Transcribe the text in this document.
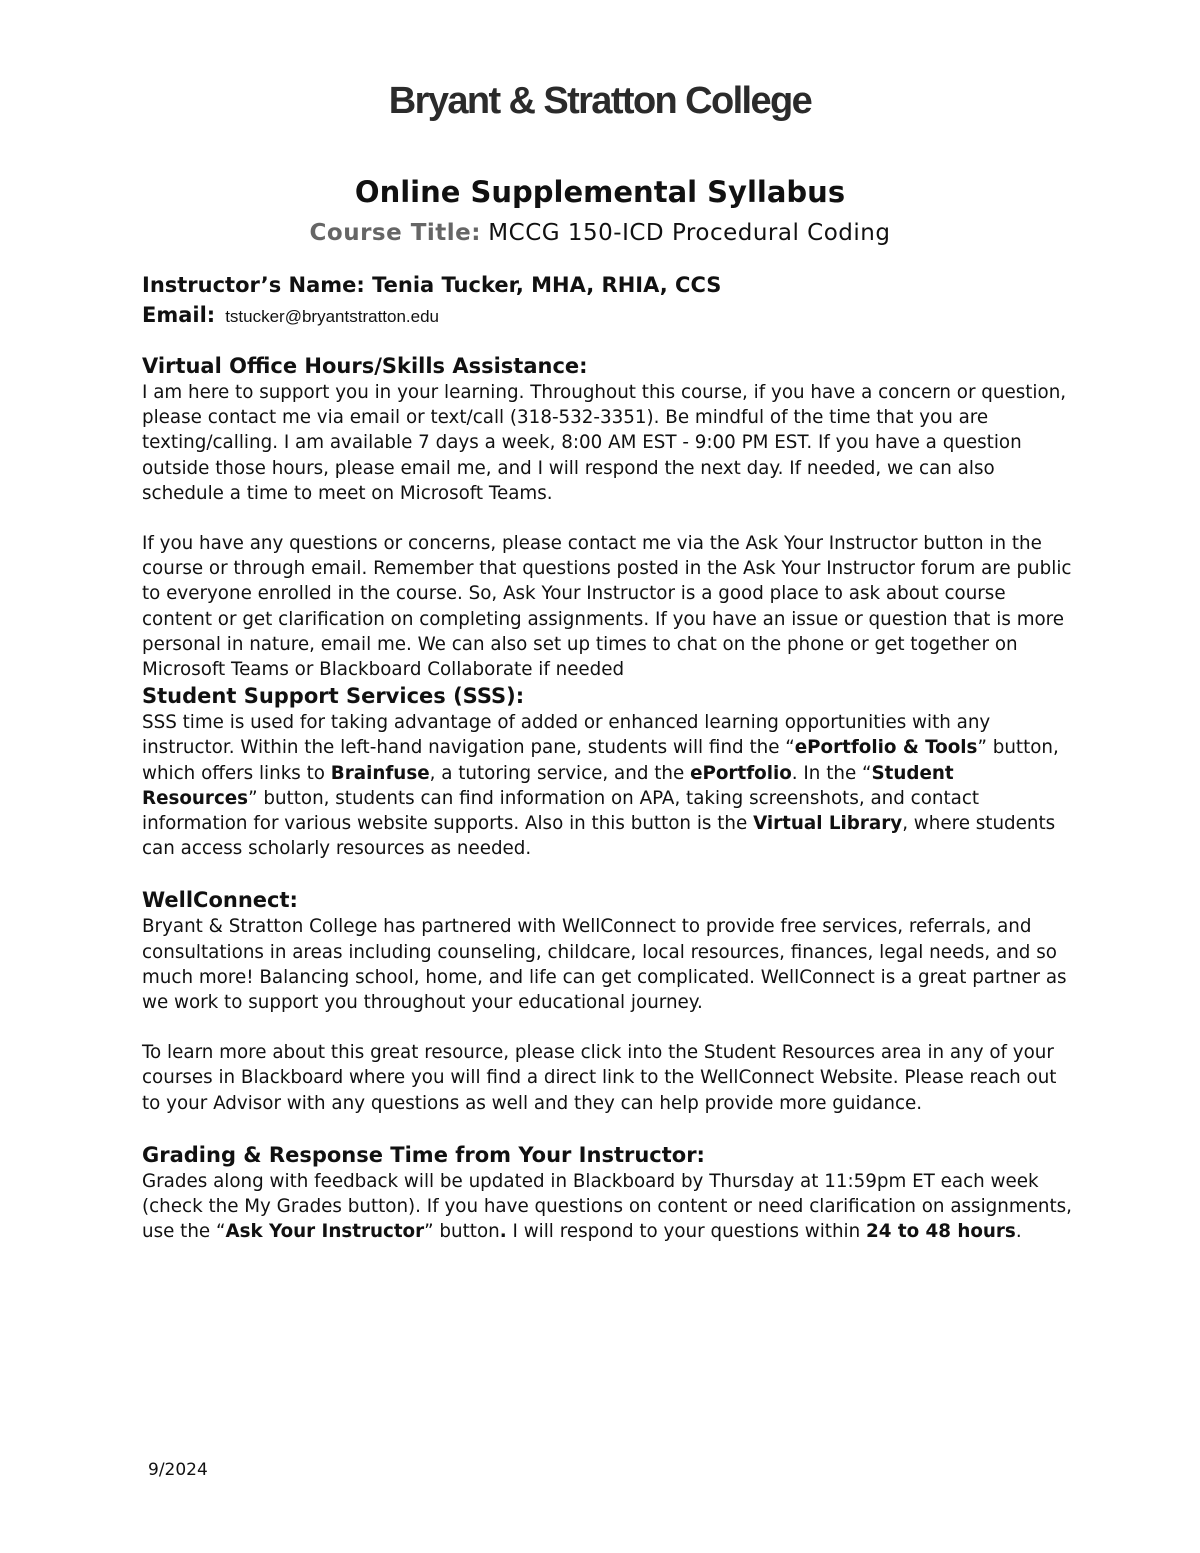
Bryant & Stratton College
Online Supplemental Syllabus
Course Title: MCCG 150-ICD Procedural Coding

Instructor’s Name: Tenia Tucker, MHA, RHIA, CCS

Email: tstucker@bryantstratton.edu

Virtual Office Hours/Skills Assistance:

I am here to support you in your learning. Throughout this course, if you have a concern or question, please contact me via email or text/call (318-532-3351). Be mindful of the time that you are texting/calling. I am available 7 days a week, 8:00 AM EST - 9:00 PM EST. If you have a question outside those hours, please email me, and I will respond the next day. If needed, we can also schedule a time to meet on Microsoft Teams.

If you have any questions or concerns, please contact me via the Ask Your Instructor button in the course or through email. Remember that questions posted in the Ask Your Instructor forum are public to everyone enrolled in the course. So, Ask Your Instructor is a good place to ask about course content or get clarification on completing assignments. If you have an issue or question that is more personal in nature, email me. We can also set up times to chat on the phone or get together on Microsoft Teams or Blackboard Collaborate if needed

Student Support Services (SSS):

SSS time is used for taking advantage of added or enhanced learning opportunities with any instructor. Within the left-hand navigation pane, students will find the “ePortfolio & Tools” button, which offers links to Brainfuse, a tutoring service, and the ePortfolio. In the “Student Resources” button, students can find information on APA, taking screenshots, and contact information for various website supports. Also in this button is the Virtual Library, where students can access scholarly resources as needed.

WellConnect:

Bryant & Stratton College has partnered with WellConnect to provide free services, referrals, and consultations in areas including counseling, childcare, local resources, finances, legal needs, and so much more! Balancing school, home, and life can get complicated. WellConnect is a great partner as we work to support you throughout your educational journey.

To learn more about this great resource, please click into the Student Resources area in any of your courses in Blackboard where you will find a direct link to the WellConnect Website. Please reach out to your Advisor with any questions as well and they can help provide more guidance.

Grading & Response Time from Your Instructor:

Grades along with feedback will be updated in Blackboard by Thursday at 11:59pm ET each week (check the My Grades button). If you have questions on content or need clarification on assignments, use the “Ask Your Instructor” button. I will respond to your questions within 24 to 48 hours.

9/2024
